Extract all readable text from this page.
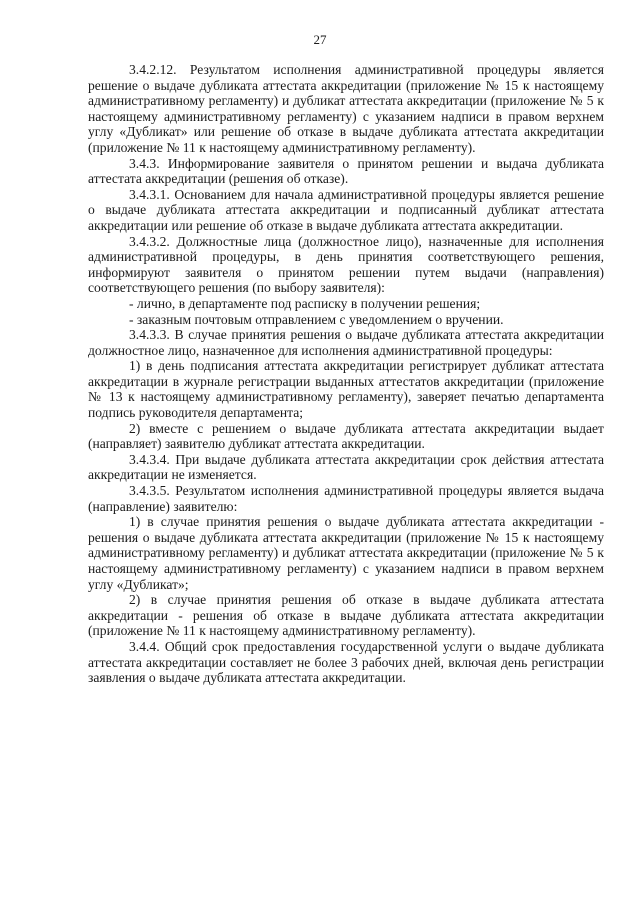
27

3.4.2.12. Результатом исполнения административной процедуры является решение о выдаче дубликата аттестата аккредитации (приложение № 15 к настоящему административному регламенту) и дубликат аттестата аккредитации (приложение № 5 к настоящему административному регламенту) с указанием надписи в правом верхнем углу «Дубликат» или решение об отказе в выдаче дубликата аттестата аккредитации (приложение № 11 к настоящему административному регламенту).

3.4.3. Информирование заявителя о принятом решении и выдача дубликата аттестата аккредитации (решения об отказе).

3.4.3.1. Основанием для начала административной процедуры является решение о выдаче дубликата аттестата аккредитации и подписанный дубликат аттестата аккредитации или решение об отказе в выдаче дубликата аттестата аккредитации.

3.4.3.2. Должностные лица (должностное лицо), назначенные для исполнения административной процедуры, в день принятия соответствующего решения, информируют заявителя о принятом решении путем выдачи (направления) соответствующего решения (по выбору заявителя):

- лично, в департаменте под расписку в получении решения;

- заказным почтовым отправлением с уведомлением о вручении.

3.4.3.3. В случае принятия решения о выдаче дубликата аттестата аккредитации должностное лицо, назначенное для исполнения административной процедуры:

1) в день подписания аттестата аккредитации регистрирует дубликат аттестата аккредитации в журнале регистрации выданных аттестатов аккредитации (приложение № 13 к настоящему административному регламенту), заверяет печатью департамента подпись руководителя департамента;

2) вместе с решением о выдаче дубликата аттестата аккредитации выдает (направляет) заявителю дубликат аттестата аккредитации.

3.4.3.4. При выдаче дубликата аттестата аккредитации срок действия аттестата аккредитации не изменяется.

3.4.3.5. Результатом исполнения административной процедуры является выдача (направление) заявителю:

1) в случае принятия решения о выдаче дубликата аттестата аккредитации - решения о выдаче дубликата аттестата аккредитации (приложение № 15 к настоящему административному регламенту) и дубликат аттестата аккредитации (приложение № 5 к настоящему административному регламенту) с указанием надписи в правом верхнем углу «Дубликат»;

2) в случае принятия решения об отказе в выдаче дубликата аттестата аккредитации - решения об отказе в выдаче дубликата аттестата аккредитации (приложение № 11 к настоящему административному регламенту).

3.4.4. Общий срок предоставления государственной услуги о выдаче дубликата аттестата аккредитации составляет не более 3 рабочих дней, включая день регистрации заявления о выдаче дубликата аттестата аккредитации.
